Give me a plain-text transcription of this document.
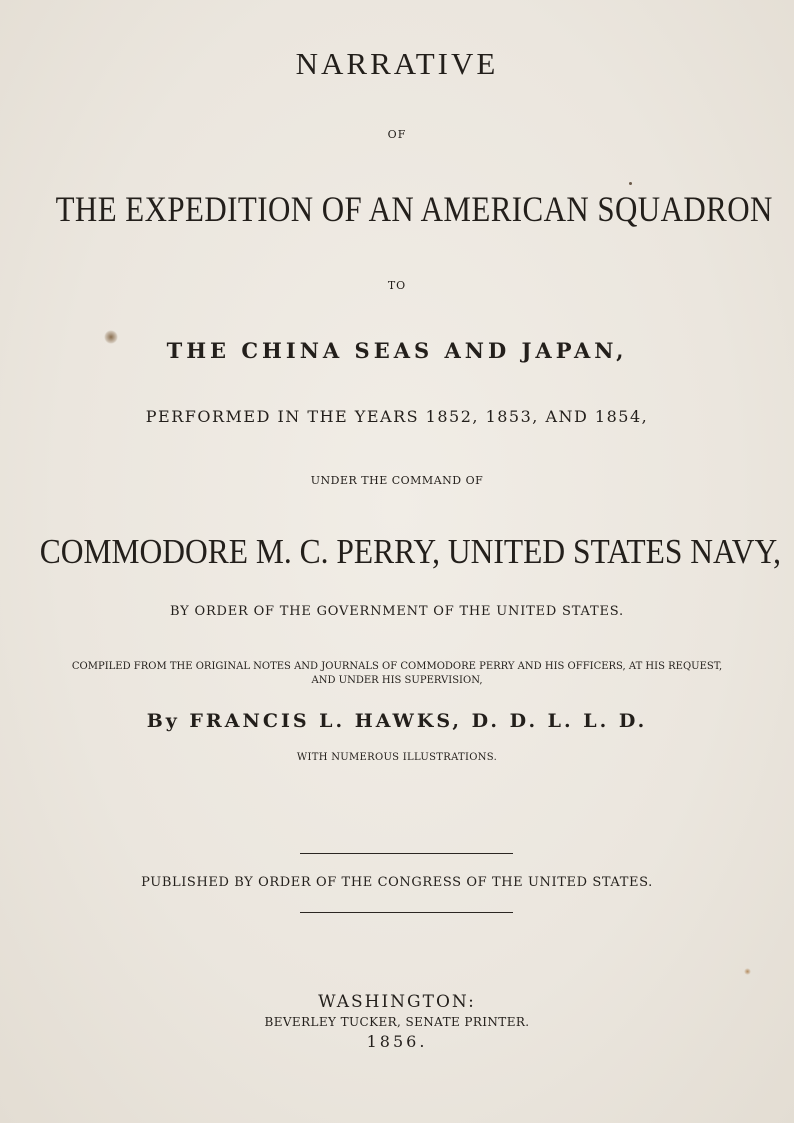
NARRATIVE
OF
THE EXPEDITION OF AN AMERICAN SQUADRON
TO
THE CHINA SEAS AND JAPAN,
PERFORMED IN THE YEARS 1852, 1853, AND 1854,
UNDER THE COMMAND OF
COMMODORE M. C. PERRY, UNITED STATES NAVY,
BY ORDER OF THE GOVERNMENT OF THE UNITED STATES.
COMPILED FROM THE ORIGINAL NOTES AND JOURNALS OF COMMODORE PERRY AND HIS OFFICERS, AT HIS REQUEST, AND UNDER HIS SUPERVISION,
By FRANCIS L. HAWKS, D. D. L. L. D.
WITH NUMEROUS ILLUSTRATIONS.
PUBLISHED BY ORDER OF THE CONGRESS OF THE UNITED STATES.
WASHINGTON:
BEVERLEY TUCKER, SENATE PRINTER.
1856.
